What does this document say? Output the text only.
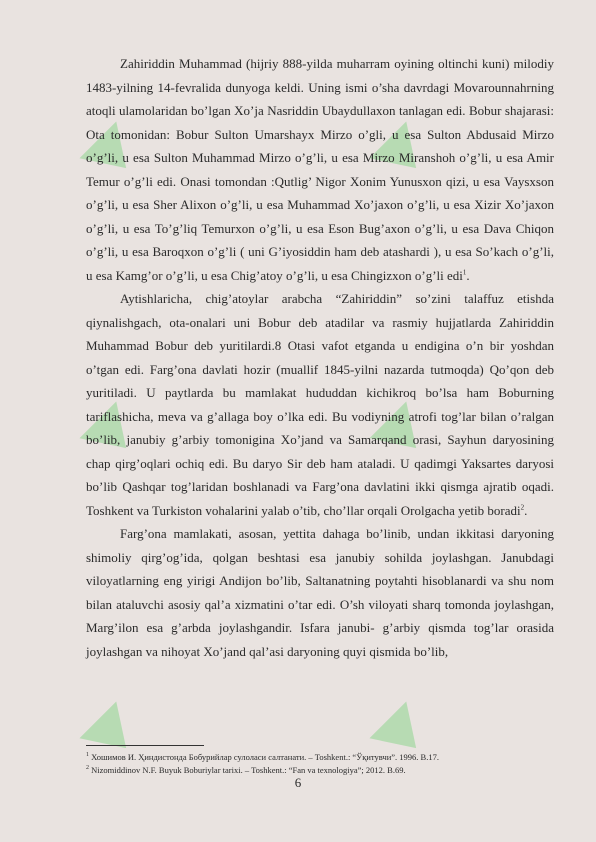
Zahiriddin Muhammad (hijriy 888-yilda muharram oyining oltinchi kuni) milodiy 1483-yilning 14-fevralida dunyoga keldi. Uning ismi o’sha davrdagi Movarounnahrning atoqli ulamolaridan bo’lgan Xo’ja Nasriddin Ubaydullaxon tanlagan edi. Bobur shajarasi: Ota tomonidan: Bobur Sulton Umarshayx Mirzo o’gli, u esa Sulton Abdusaid Mirzo o’g’li, u esa Sulton Muhammad Mirzo o’g’li, u esa Mirzo Miranshoh o’g’li, u esa Amir Temur o’g’li edi. Onasi tomondan :Qutlig’ Nigor Xonim Yunusxon qizi, u esa Vaysxson o’g’li, u esa Sher Alixon o’g’li, u esa Muhammad Xo’jaxon o’g’li, u esa Xizir Xo’jaxon o’g’li, u esa To’g’liq Temurxon o’g’li, u esa Eson Bug’axon o’g’li, u esa Dava Chiqon o’g’li, u esa Baroqxon o’g’li ( uni G’iyosiddin ham deb atashardi ), u esa So’kach o’g’li, u esa Kamg’or o’g’li, u esa Chig’atoy o’g’li, u esa Chingizxon o’g’li edi$^1$.

Aytishlaricha, chig’atoylar arabcha “Zahiriddin” so’zini talaffuz etishda qiynalishgach, ota-onalari uni Bobur deb atadilar va rasmiy hujjatlarda Zahiriddin Muhammad Bobur deb yuritilardi.8 Otasi vafot etganda u endigina o’n bir yoshdan o’tgan edi. Farg’ona davlati hozir (muallif 1845-yilni nazarda tutmoqda) Qo’qon deb yuritiladi. U paytlarda bu mamlakat hududdan kichikroq bo’lsa ham Boburning tariflashicha, meva va g’allaga boy o’lka edi. Bu vodiyning atrofi tog’lar bilan o’ralgan bo’lib, janubiy g’arbiy tomonigina Xo’jand va Samarqand orasi, Sayhun daryosining chap qirg’oqlari ochiq edi. Bu daryo Sir deb ham ataladi. U qadimgi Yaksartes daryosi bo’lib Qashqar tog’laridan boshlanadi va Farg’ona davlatini ikki qismga ajratib oqadi. Toshkent va Turkiston vohalarini yalab o’tib, cho’llar orqali Orolgacha yetib boradi$^2$.

Farg’ona mamlakati, asosan, yettita dahaga bo’linib, undan ikkitasi daryoning shimoliy qirg’og’ida, qolgan beshtasi esa janubiy sohilda joylashgan. Janubdagi viloyatlarning eng yirigi Andijon bo’lib, Saltanatning poytahti hisoblanardi va shu nom bilan ataluvchi asosiy qal’a xizmatini o’tar edi. O’sh viloyati sharq tomonda joylashgan, Marg’ilon esa g’arbda joylashgandir. Isfara janubi- g’arbiy qismda tog’lar orasida joylashgan va nihoyat Xo’jand qal’asi daryoning quyi qismida bo’lib,

$^1$ Хошимов И. Ҳиндистонда Бобурийлар сулоласи салтанати. – Toshkent.: “Ўқитувчи”. 1996. B.17.
$^2$ Nizomiddinov N.F. Buyuk Boburiylar tarixi. – Toshkent.: “Fan va texnologiya”; 2012. B.69.
6
